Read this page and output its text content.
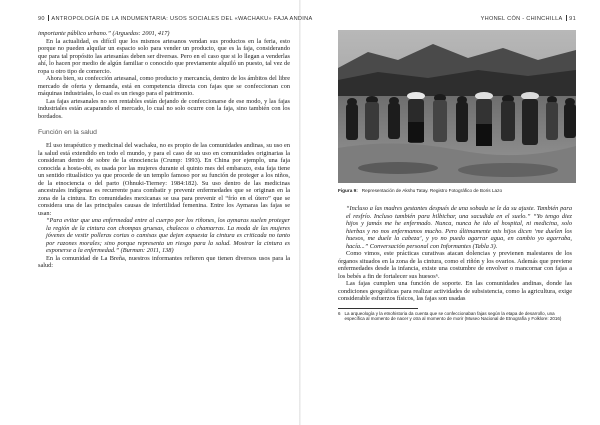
90 ANTROPOLOGÍA DE LA INDUMENTARIA: USOS SOCIALES DEL «WACHAKU» FAJA ANDINA

importante público urbano.” (Arguedas: 2001, 417)

En la actualidad, es difícil que los mismos artesanos vendan sus productos en la feria, esto porque no pueden alquilar un espacio solo para vender un producto, que es la faja, considerando que para tal propósito las artesanías deben ser diversas. Pero en el caso que si lo llegan a venderlas ahí, lo hacen por medio de algún familiar o conocido que previamente alquiló un puesto, tal vez de ropa u otro tipo de comercio.

Ahora bien, su confección artesanal, como producto y mercancía, dentro de los ámbitos del libre mercado de oferta y demanda, está en competencia directa con fajas que se confeccionan con máquinas industriales, lo cual es un riesgo para el patrimonio.

Las fajas artesanales no son rentables están dejando de confeccionarse de ese modo, y las fajas industriales están acaparando el mercado, lo cual no solo ocurre con la faja, sino también con los bordados.

Función en la salud

El uso terapéutico y medicinal del wachaku, no es propio de las comunidades andinas, su uso en la salud está extendido en todo el mundo, y para el caso de su uso en comunidades originarias la consideran dentro de sobre de la etnociencia (Crump: 1993). En China por ejemplo, una faja conocida a hosta-obi, es usada por las mujeres durante el quinto mes del embarazo, esta faja tiene un sentido ritualístico ya que procede de un templo famoso por su función de proteger a los niños, de la etnociencia o del parto (Ohnuki-Tierney: 1984:182). Su uso dentro de las medicinas ancestrales indígenas es recurrente para combatir y prevenir enfermedades que se originan en la zona de la cintura. En comunidades mexicanas se usa para prevenir el “frío en el útero” que se considera una de las principales causas de infertilidad femenina. Entre los Aymaras las fajas se usan:

“Para evitar que una enfermedad entre al cuerpo por los riñones, los aymaras suelen proteger la región de la cintura con chompas gruesas, chalecos o chamarras. La moda de las mujeres jóvenes de vestir polleras cortas o camisas que dejen expuesta la cintura es criticada no tanto por razones morales; sino porque representa un riesgo para la salud. Mostrar la cintura es exponerse a la enfermedad.” (Burman: 2011, 138)

En la comunidad de La Breña, nuestros informantes refieren que tienen diversos usos para la salud:

YHONEL CÓN - CHINCHILLA 91
Figura 9: Representación de Akshu Tatay. Registro Fotográfico de Boris Lazo

“Incluso a las madres gestantes después de una sobada se le da su ajuste. También para el resfrío. Incluso también para hilbichar, una sacudida en el suelo.” “Yo tengo diez hijos y jamás me he enfermado. Nunca, nunca he ido al hospital, ni medicina, solo hierbas y no nos enfermamos mucho. Pero últimamente mis hijos dicen ‘me duelen los huesos, me duele la cabeza’, y yo no puedo agarrar agua, en cambio yo agarraba, hacía...” Conversación personal con Informantes (Tabla 3).

Como vimos, este prácticas curativas atacan dolencias y previenen malestares de los órganos situados en la zona de la cintura, como el riñón y los ovarios. Además que previene enfermedades desde la infancia, existe una costumbre de envolver o mancornar con fajas a los bebés a fin de fortalecer sus huesos⁶.

Las fajas cumplen una función de soporte. En las comunidades andinas, donde las condiciones geográficas para realizar actividades de subsistencia, como la agricultura, exige considerable esfuerzos físicos, las fajas son usadas

6 La arqueología y la etnohistoria da cuenta que se confeccionaban fajas según la etapa de desarrollo, una específica al momento de nacer y otra al momento de morir (Museo Nacional de Etnografía y Folklore: 2016)
